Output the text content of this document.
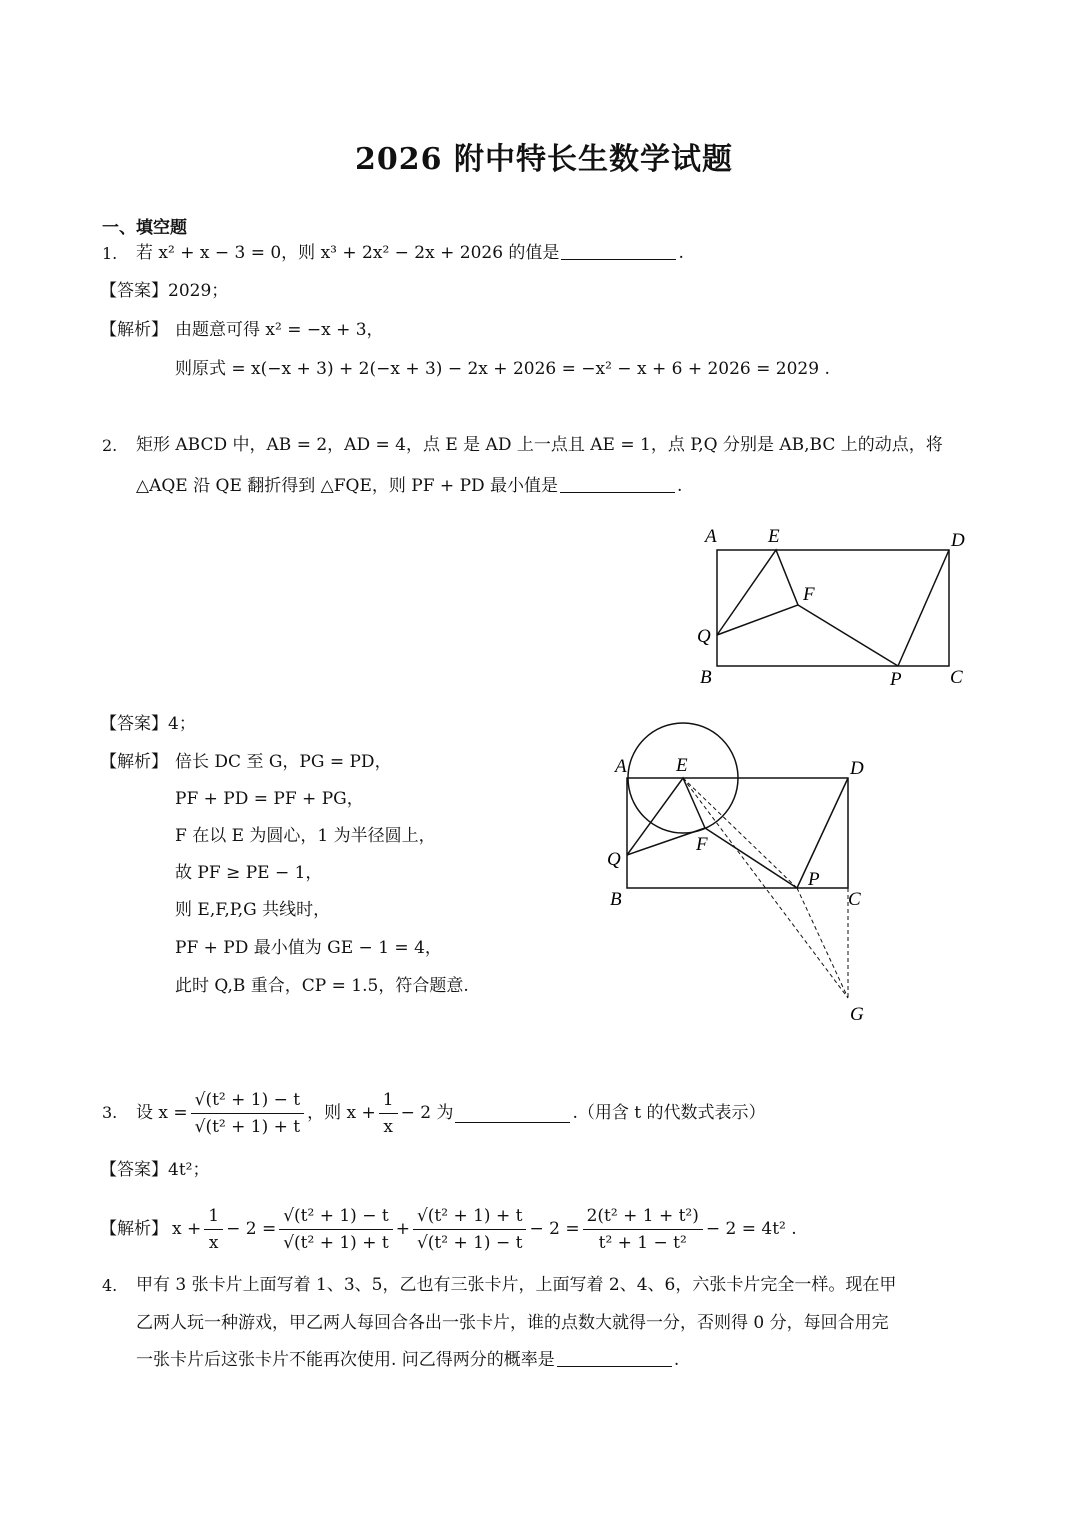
2026 附中特长生数学试题
一、填空题
1. 若 x² + x − 3 = 0，则 x³ + 2x² − 2x + 2026 的值是	.
【答案】2029；
【解析】 由题意可得 x² = −x + 3，
则原式 = x(−x + 3) + 2(−x + 3) − 2x + 2026 = −x² − x + 6 + 2026 = 2029 .
2. 矩形 ABCD 中，AB = 2，AD = 4，点 E 是 AD 上一点且 AE = 1，点 P,Q 分别是 AB,BC 上的动点，将
△AQE 沿 QE 翻折得到 △FQE，则 PF + PD 最小值是	.
A	E	D
F
Q
B	P	C
【答案】4；
【解析】 倍长 DC 至 G，PG = PD，
PF + PD = PF + PG，
F 在以 E 为圆心，1 为半径圆上，
故 PF ≥ PE − 1，
则 E,F,P,G 共线时，
PF + PD 最小值为 GE − 1 = 4，
此时 Q,B 重合，CP = 1.5，符合题意.
A	E	D
F
Q
B
P
C
G
3. 设 $x = \frac{\text{√(t² + 1) − t}}{\text{√(t² + 1) + t}}$ ，则 $x + \frac{1}{x} - 2$ 为	.（用含 t 的代数式表示）
【答案】4t²；
【解析】 $x + \frac{1}{x} - 2 = \frac{\text{√(t² + 1) − t}}{\text{√(t² + 1) + t}} + \frac{\text{√(t² + 1) + t}}{\text{√(t² + 1) − t}} - 2 = \frac{\text{2(t² + 1 + t²)}}{\text{t² + 1 − t²}} - 2 = 4t^2$ .
4. 甲有 3 张卡片上面写着 1、3、5，乙也有三张卡片，上面写着 2、4、6，六张卡片完全一样。现在甲
乙两人玩一种游戏，甲乙两人每回合各出一张卡片，谁的点数大就得一分，否则得 0 分，每回合用完
一张卡片后这张卡片不能再次使用. 问乙得两分的概率是	.
